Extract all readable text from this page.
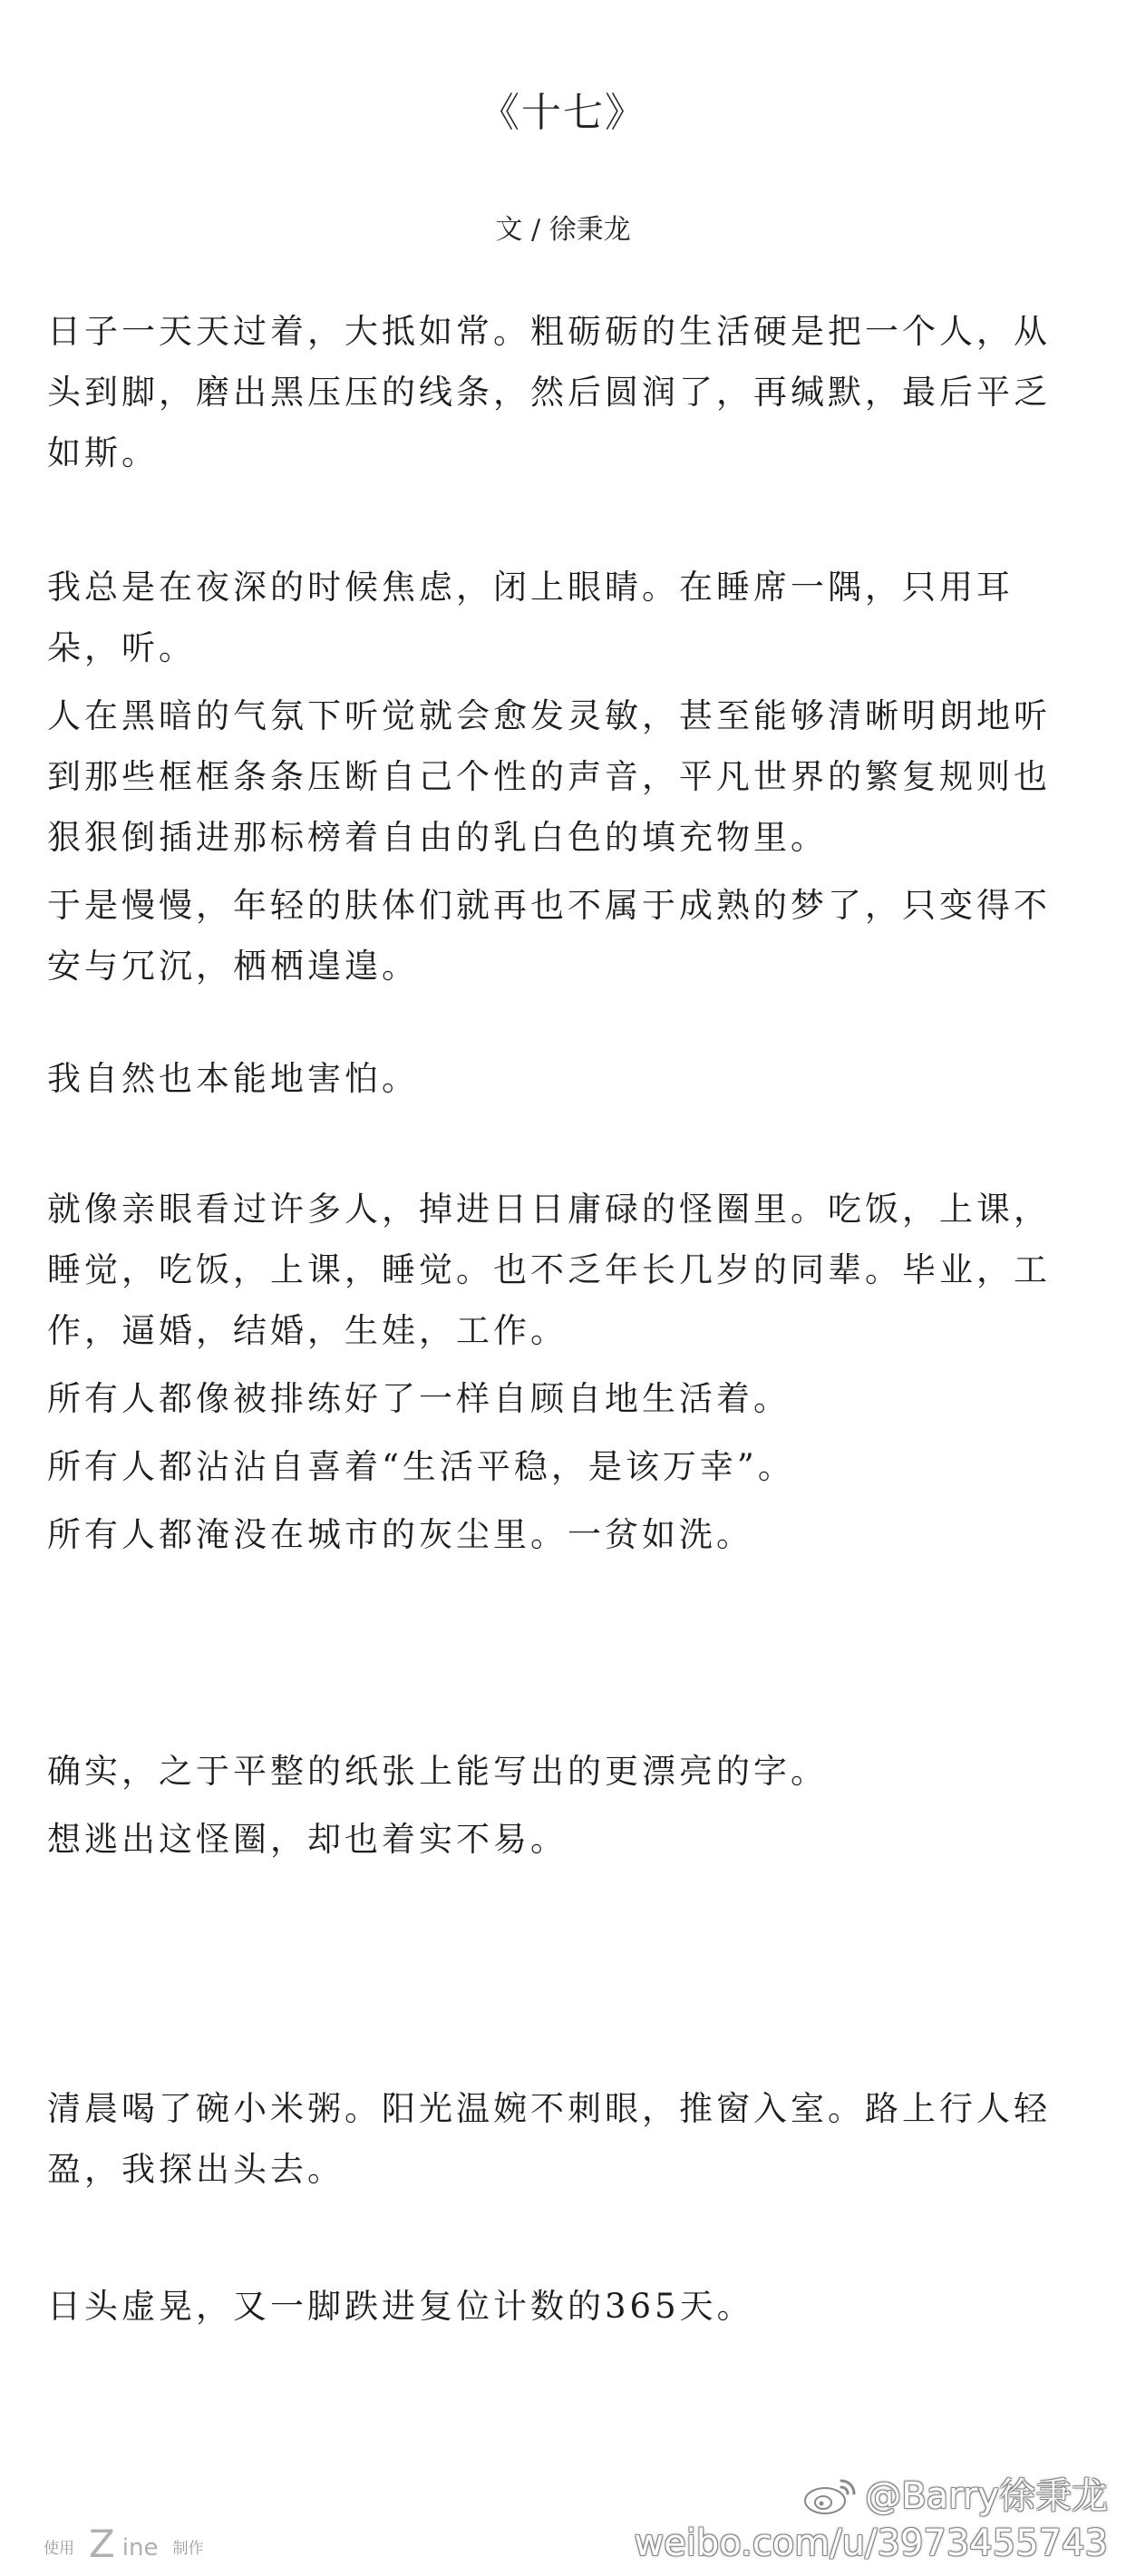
《十七》
文 / 徐秉龙

日子一天天过着，大抵如常。粗砺砺的生活硬是把一个人，从头到脚，磨出黑压压的线条，然后圆润了，再缄默，最后平乏如斯。

我总是在夜深的时候焦虑，闭上眼睛。在睡席一隅，只用耳朵，听。

人在黑暗的气氛下听觉就会愈发灵敏，甚至能够清晰明朗地听到那些框框条条压断自己个性的声音，平凡世界的繁复规则也狠狠倒插进那标榜着自由的乳白色的填充物里。

于是慢慢，年轻的肤体们就再也不属于成熟的梦了，只变得不安与冗沉，栖栖遑遑。

我自然也本能地害怕。

就像亲眼看过许多人，掉进日日庸碌的怪圈里。吃饭，上课，睡觉，吃饭，上课，睡觉。也不乏年长几岁的同辈。毕业，工作，逼婚，结婚，生娃，工作。

所有人都像被排练好了一样自顾自地生活着。

所有人都沾沾自喜着“生活平稳，是该万幸”。

所有人都淹没在城市的灰尘里。一贫如洗。

确实，之于平整的纸张上能写出的更漂亮的字。

想逃出这怪圈，却也着实不易。

清晨喝了碗小米粥。阳光温婉不刺眼，推窗入室。路上行人轻盈，我探出头去。

日头虚晃，又一脚跌进复位计数的365天。

使用 Z ine 制作
@Barry徐秉龙
weibo.com/u/3973455743
